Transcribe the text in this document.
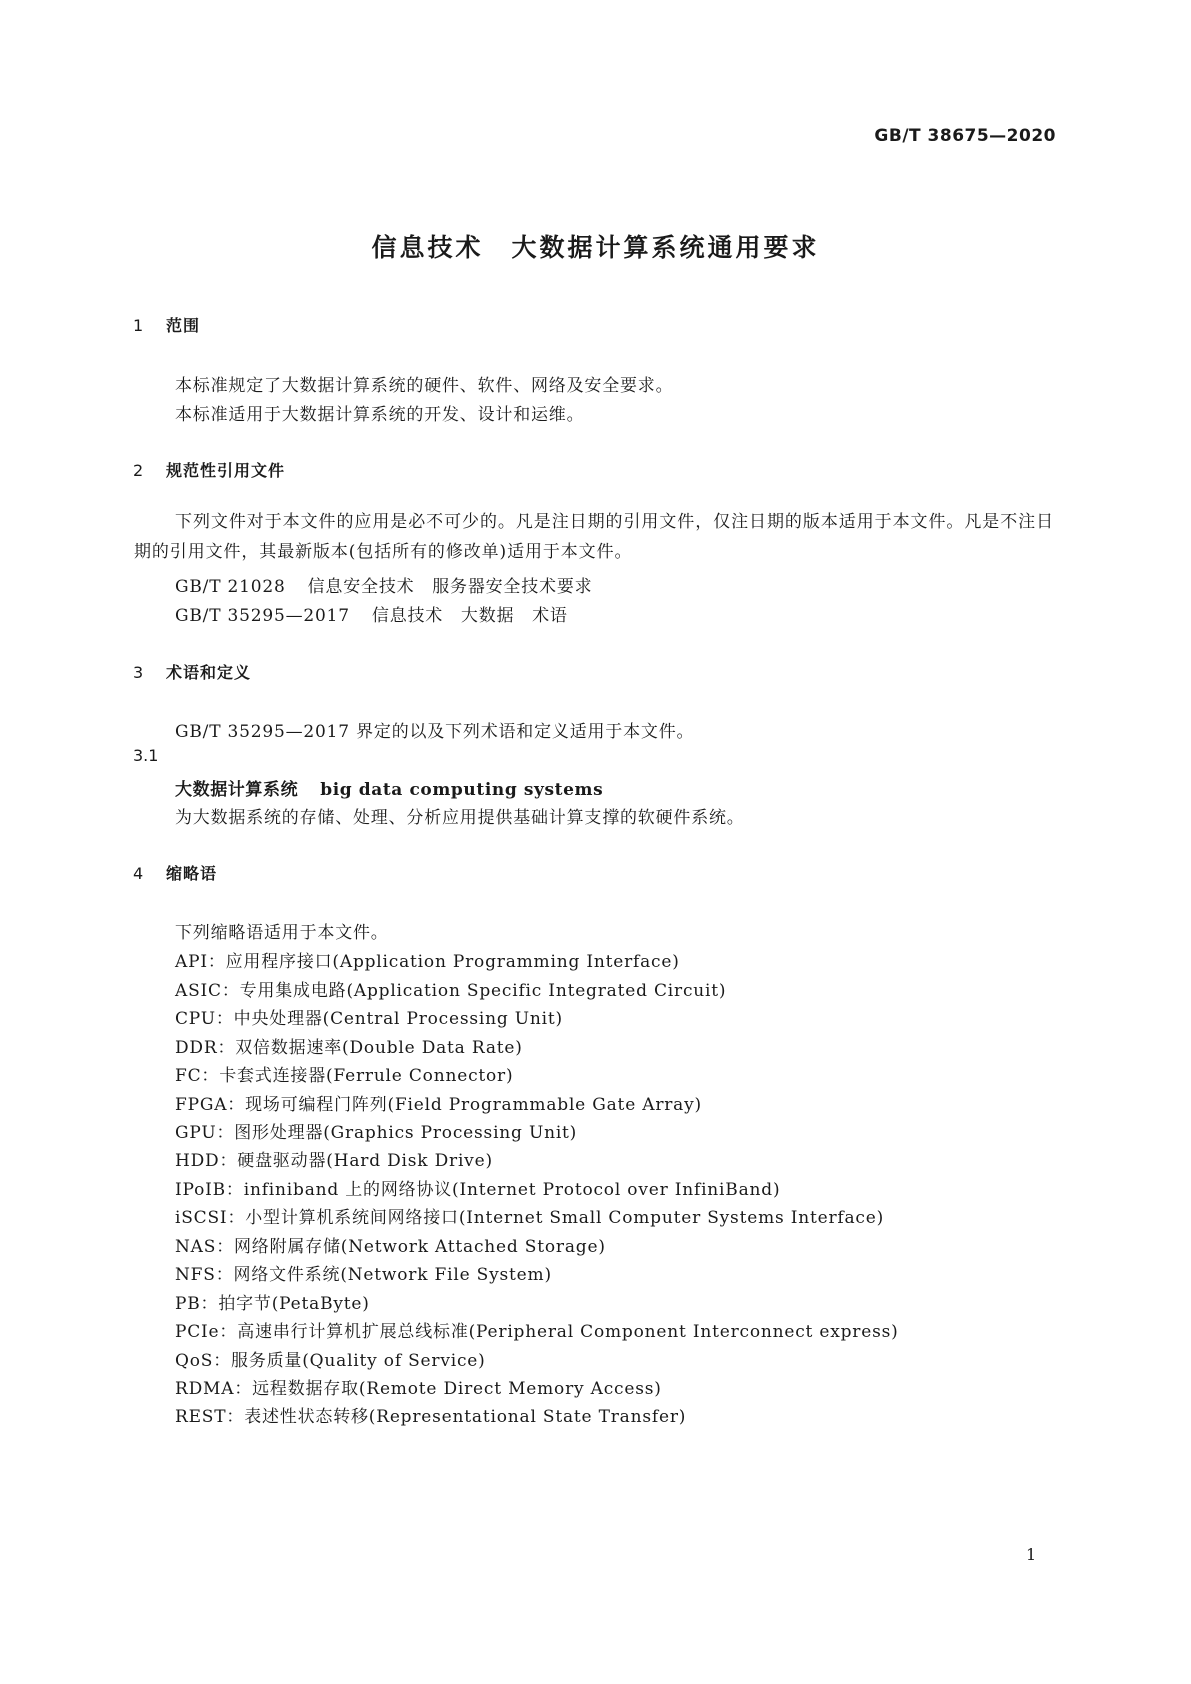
GB/T 38675—2020
信息技术　大数据计算系统通用要求
1 范围
本标准规定了大数据计算系统的硬件、软件、网络及安全要求。
本标准适用于大数据计算系统的开发、设计和运维。
2 规范性引用文件
下列文件对于本文件的应用是必不可少的。凡是注日期的引用文件，仅注日期的版本适用于本文件。凡是不注日期的引用文件，其最新版本(包括所有的修改单)适用于本文件。
GB/T 21028 信息安全技术　服务器安全技术要求
GB/T 35295—2017 信息技术　大数据　术语
3 术语和定义
GB/T 35295—2017 界定的以及下列术语和定义适用于本文件。
3.1
大数据计算系统 big data computing systems
为大数据系统的存储、处理、分析应用提供基础计算支撑的软硬件系统。
4 缩略语
下列缩略语适用于本文件。
API：应用程序接口(Application Programming Interface)
ASIC：专用集成电路(Application Specific Integrated Circuit)
CPU：中央处理器(Central Processing Unit)
DDR：双倍数据速率(Double Data Rate)
FC：卡套式连接器(Ferrule Connector)
FPGA：现场可编程门阵列(Field Programmable Gate Array)
GPU：图形处理器(Graphics Processing Unit)
HDD：硬盘驱动器(Hard Disk Drive)
IPoIB：infiniband 上的网络协议(Internet Protocol over InfiniBand)
iSCSI：小型计算机系统间网络接口(Internet Small Computer Systems Interface)
NAS：网络附属存储(Network Attached Storage)
NFS：网络文件系统(Network File System)
PB：拍字节(PetaByte)
PCIe：高速串行计算机扩展总线标准(Peripheral Component Interconnect express)
QoS：服务质量(Quality of Service)
RDMA：远程数据存取(Remote Direct Memory Access)
REST：表述性状态转移(Representational State Transfer)
1
